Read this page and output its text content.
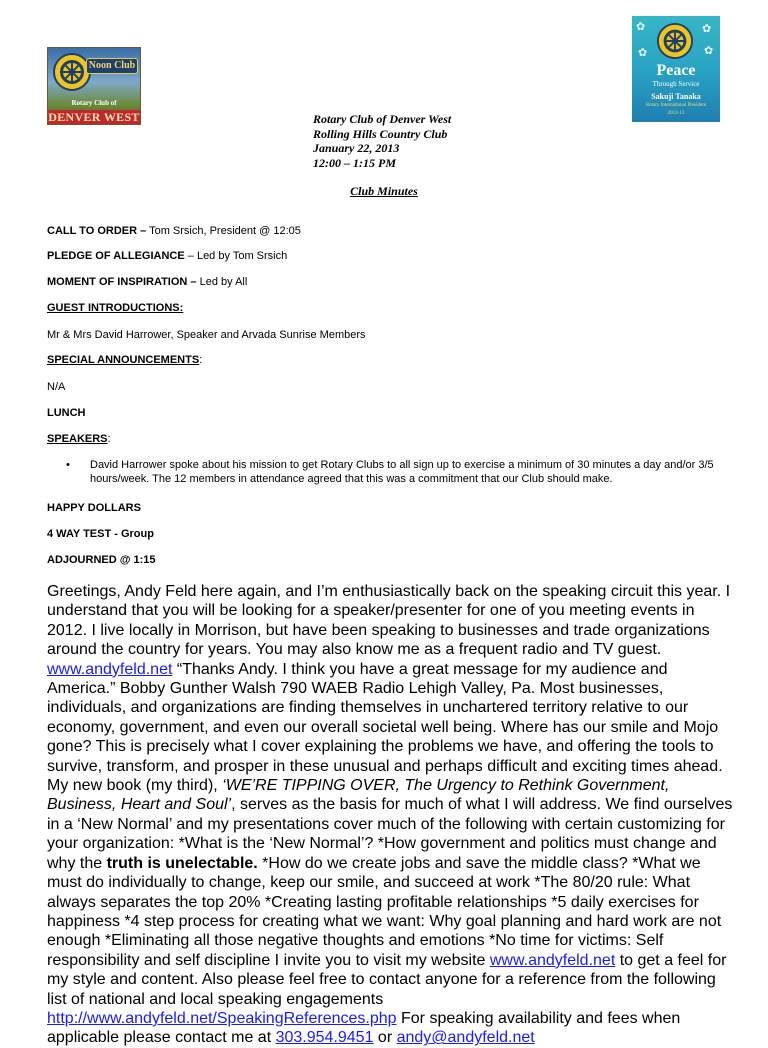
Noon Club
Rotary Club of
DENVER WEST
✿	✿
✿
✿
Peace
Through Service
Sakuji Tanaka
Rotary International President
2012-13
Rotary Club of Denver West
Rolling Hills Country Club
January 22, 2013
12:00 – 1:15 PM
Club Minutes
CALL TO ORDER – Tom Srsich, President @ 12:05
PLEDGE OF ALLEGIANCE – Led by Tom Srsich
MOMENT OF INSPIRATION – Led by All
GUEST INTRODUCTIONS:
Mr & Mrs David Harrower, Speaker and Arvada Sunrise Members
SPECIAL ANNOUNCEMENTS:
N/A
LUNCH
SPEAKERS:
• David Harrower spoke about his mission to get Rotary Clubs to all sign up to exercise a minimum of 30 minutes a day and/or 3/5 hours/week. The 12 members in attendance agreed that this was a commitment that our Club should make.
HAPPY DOLLARS
4 WAY TEST - Group
ADJOURNED @ 1:15
Greetings, Andy Feld here again, and I’m enthusiastically back on the speaking circuit this year. I understand that you will be looking for a speaker/presenter for one of you meeting events in 2012. I live locally in Morrison, but have been speaking to businesses and trade organizations around the country for years. You may also know me as a frequent radio and TV guest. www.andyfeld.net “Thanks Andy. I think you have a great message for my audience and America.” Bobby Gunther Walsh 790 WAEB Radio Lehigh Valley, Pa. Most businesses, individuals, and organizations are finding themselves in unchartered territory relative to our economy, government, and even our overall societal well being. Where has our smile and Mojo gone? This is precisely what I cover explaining the problems we have, and offering the tools to survive, transform, and prosper in these unusual and perhaps difficult and exciting times ahead. My new book (my third), ‘WE’RE TIPPING OVER, The Urgency to Rethink Government, Business, Heart and Soul’, serves as the basis for much of what I will address. We find ourselves in a ‘New Normal’ and my presentations cover much of the following with certain customizing for your organization: *What is the ‘New Normal’? *How government and politics must change and why the truth is unelectable. *How do we create jobs and save the middle class? *What we must do individually to change, keep our smile, and succeed at work *The 80/20 rule: What always separates the top 20% *Creating lasting profitable relationships *5 daily exercises for happiness *4 step process for creating what we want: Why goal planning and hard work are not enough *Eliminating all those negative thoughts and emotions *No time for victims: Self responsibility and self discipline I invite you to visit my website www.andyfeld.net to get a feel for my style and content. Also please feel free to contact anyone for a reference from the following list of national and local speaking engagements http://www.andyfeld.net/SpeakingReferences.php For speaking availability and fees when applicable please contact me at 303.954.9451 or andy@andyfeld.net
